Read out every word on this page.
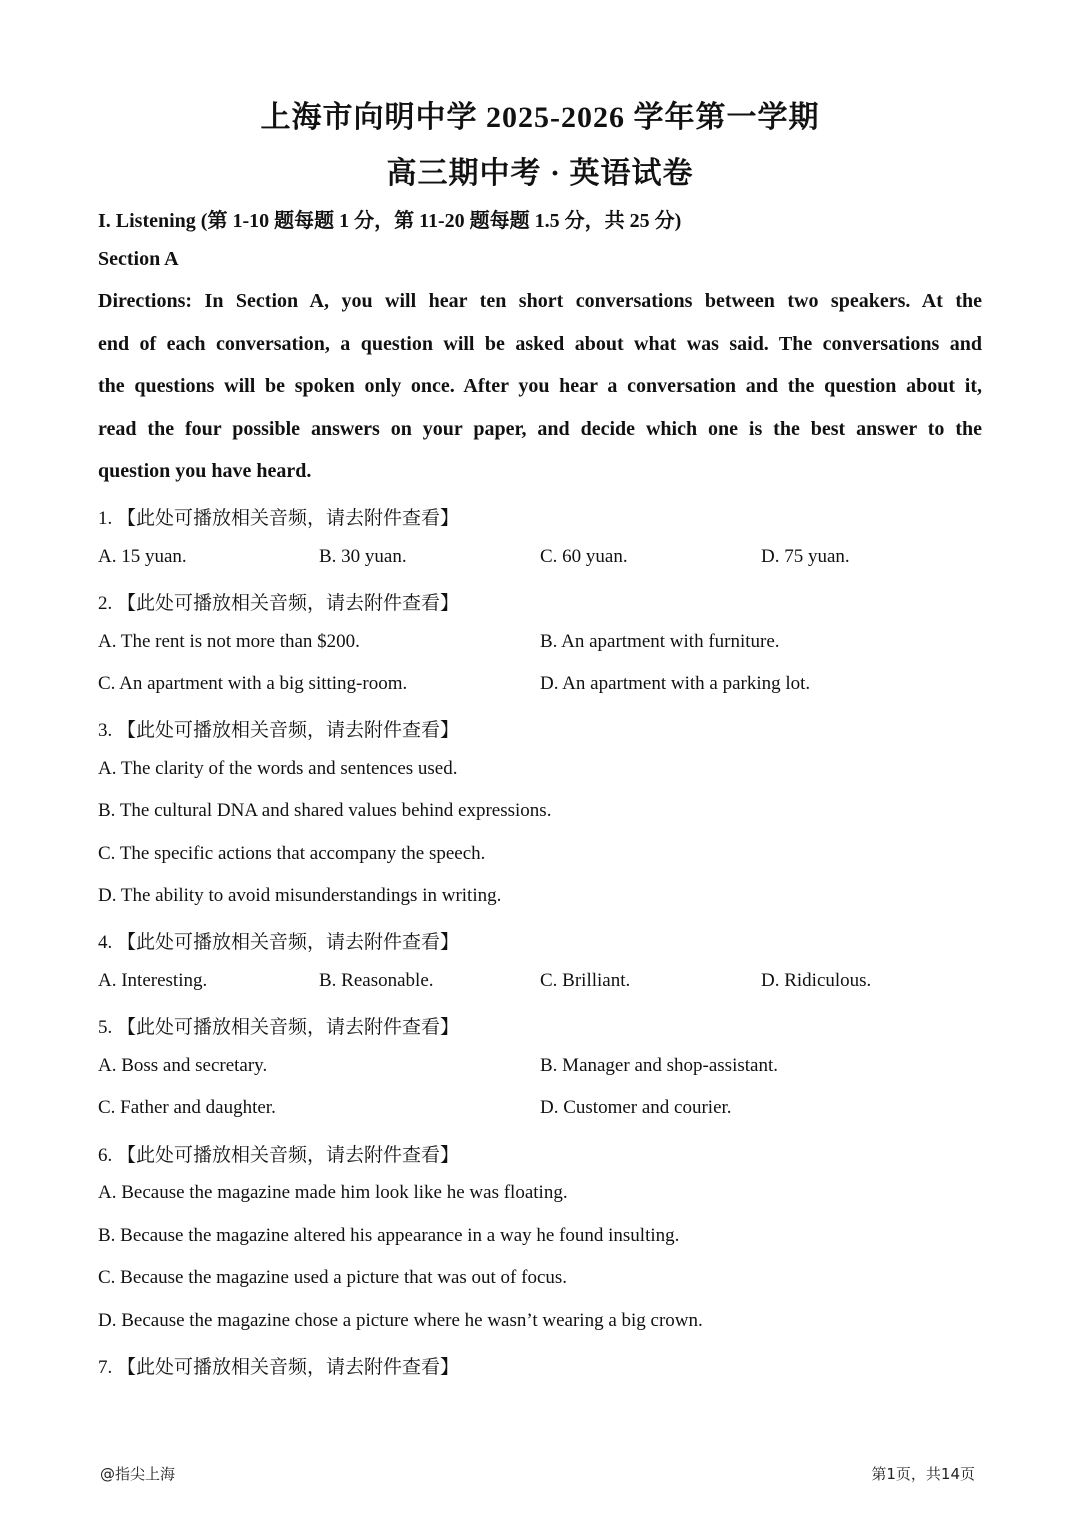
上海市向明中学 2025-2026 学年第一学期
高三期中考 · 英语试卷
I. Listening (第 1-10 题每题 1 分，第 11-20 题每题 1.5 分，共 25 分)
Section A
Directions: In Section A, you will hear ten short conversations between two speakers. At the
end of each conversation, a question will be asked about what was said. The conversations and
the questions will be spoken only once. After you hear a conversation and the question about it,
read the four possible answers on your paper, and decide which one is the best answer to the
question you have heard.
1. 【此处可播放相关音频，请去附件查看】
A. 15 yuan.	B. 30 yuan.	C. 60 yuan.	D. 75 yuan.
2. 【此处可播放相关音频，请去附件查看】
A. The rent is not more than $200.	B. An apartment with furniture.
C. An apartment with a big sitting-room.	D. An apartment with a parking lot.
3. 【此处可播放相关音频，请去附件查看】
A. The clarity of the words and sentences used.
B. The cultural DNA and shared values behind expressions.
C. The specific actions that accompany the speech.
D. The ability to avoid misunderstandings in writing.
4. 【此处可播放相关音频，请去附件查看】
A. Interesting.	B. Reasonable.	C. Brilliant.	D. Ridiculous.
5. 【此处可播放相关音频，请去附件查看】
A. Boss and secretary.	B. Manager and shop-assistant.
C. Father and daughter.	D. Customer and courier.
6. 【此处可播放相关音频，请去附件查看】
A. Because the magazine made him look like he was floating.
B. Because the magazine altered his appearance in a way he found insulting.
C. Because the magazine used a picture that was out of focus.
D. Because the magazine chose a picture where he wasn’t wearing a big crown.
7. 【此处可播放相关音频，请去附件查看】
@指尖上海	第1页，共14页
